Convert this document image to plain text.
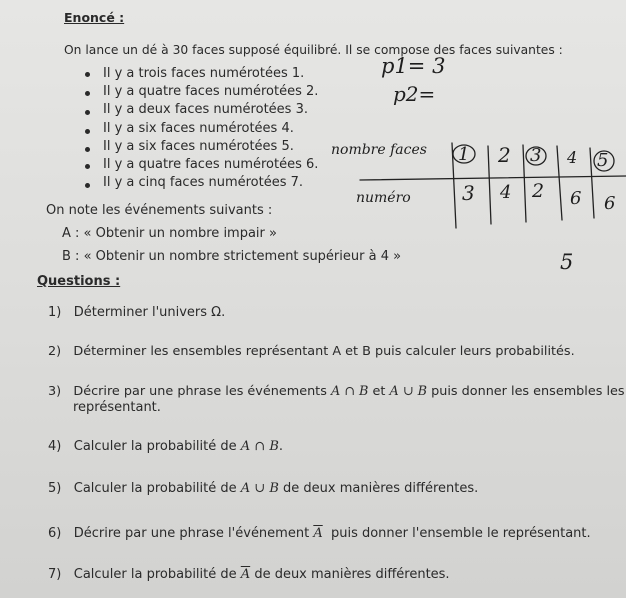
Enoncé :
On lance un dé à 30 faces supposé équilibré. Il se compose des faces suivantes :
Il y a trois faces numérotées 1.
Il y a quatre faces numérotées 2.
Il y a deux faces numérotées 3.
Il y a six faces numérotées 4.
Il y a six faces numérotées 5.
Il y a quatre faces numérotées 6.
Il y a cinq faces numérotées 7.
On note les événements suivants :
A : « Obtenir un nombre impair »
B : « Obtenir un nombre strictement supérieur à 4 »
Questions :
1) Déterminer l'univers Ω.
2) Déterminer les ensembles représentant A et B puis calculer leurs probabilités.
3) Décrire par une phrase les événements A ∩ B et A ∪ B puis donner les ensembles les
représentant.
4) Calculer la probabilité de A ∩ B.
5) Calculer la probabilité de A ∪ B de deux manières différentes.
6) Décrire par une phrase l'événement $\overline{A}$ puis donner l'ensemble le représentant.
7) Calculer la probabilité de $\overline{A}$ de deux manières différentes.
p1= 3
p2=
nombre faces
numéro
1 2 3 4 5
3 4 2 6 6
5
